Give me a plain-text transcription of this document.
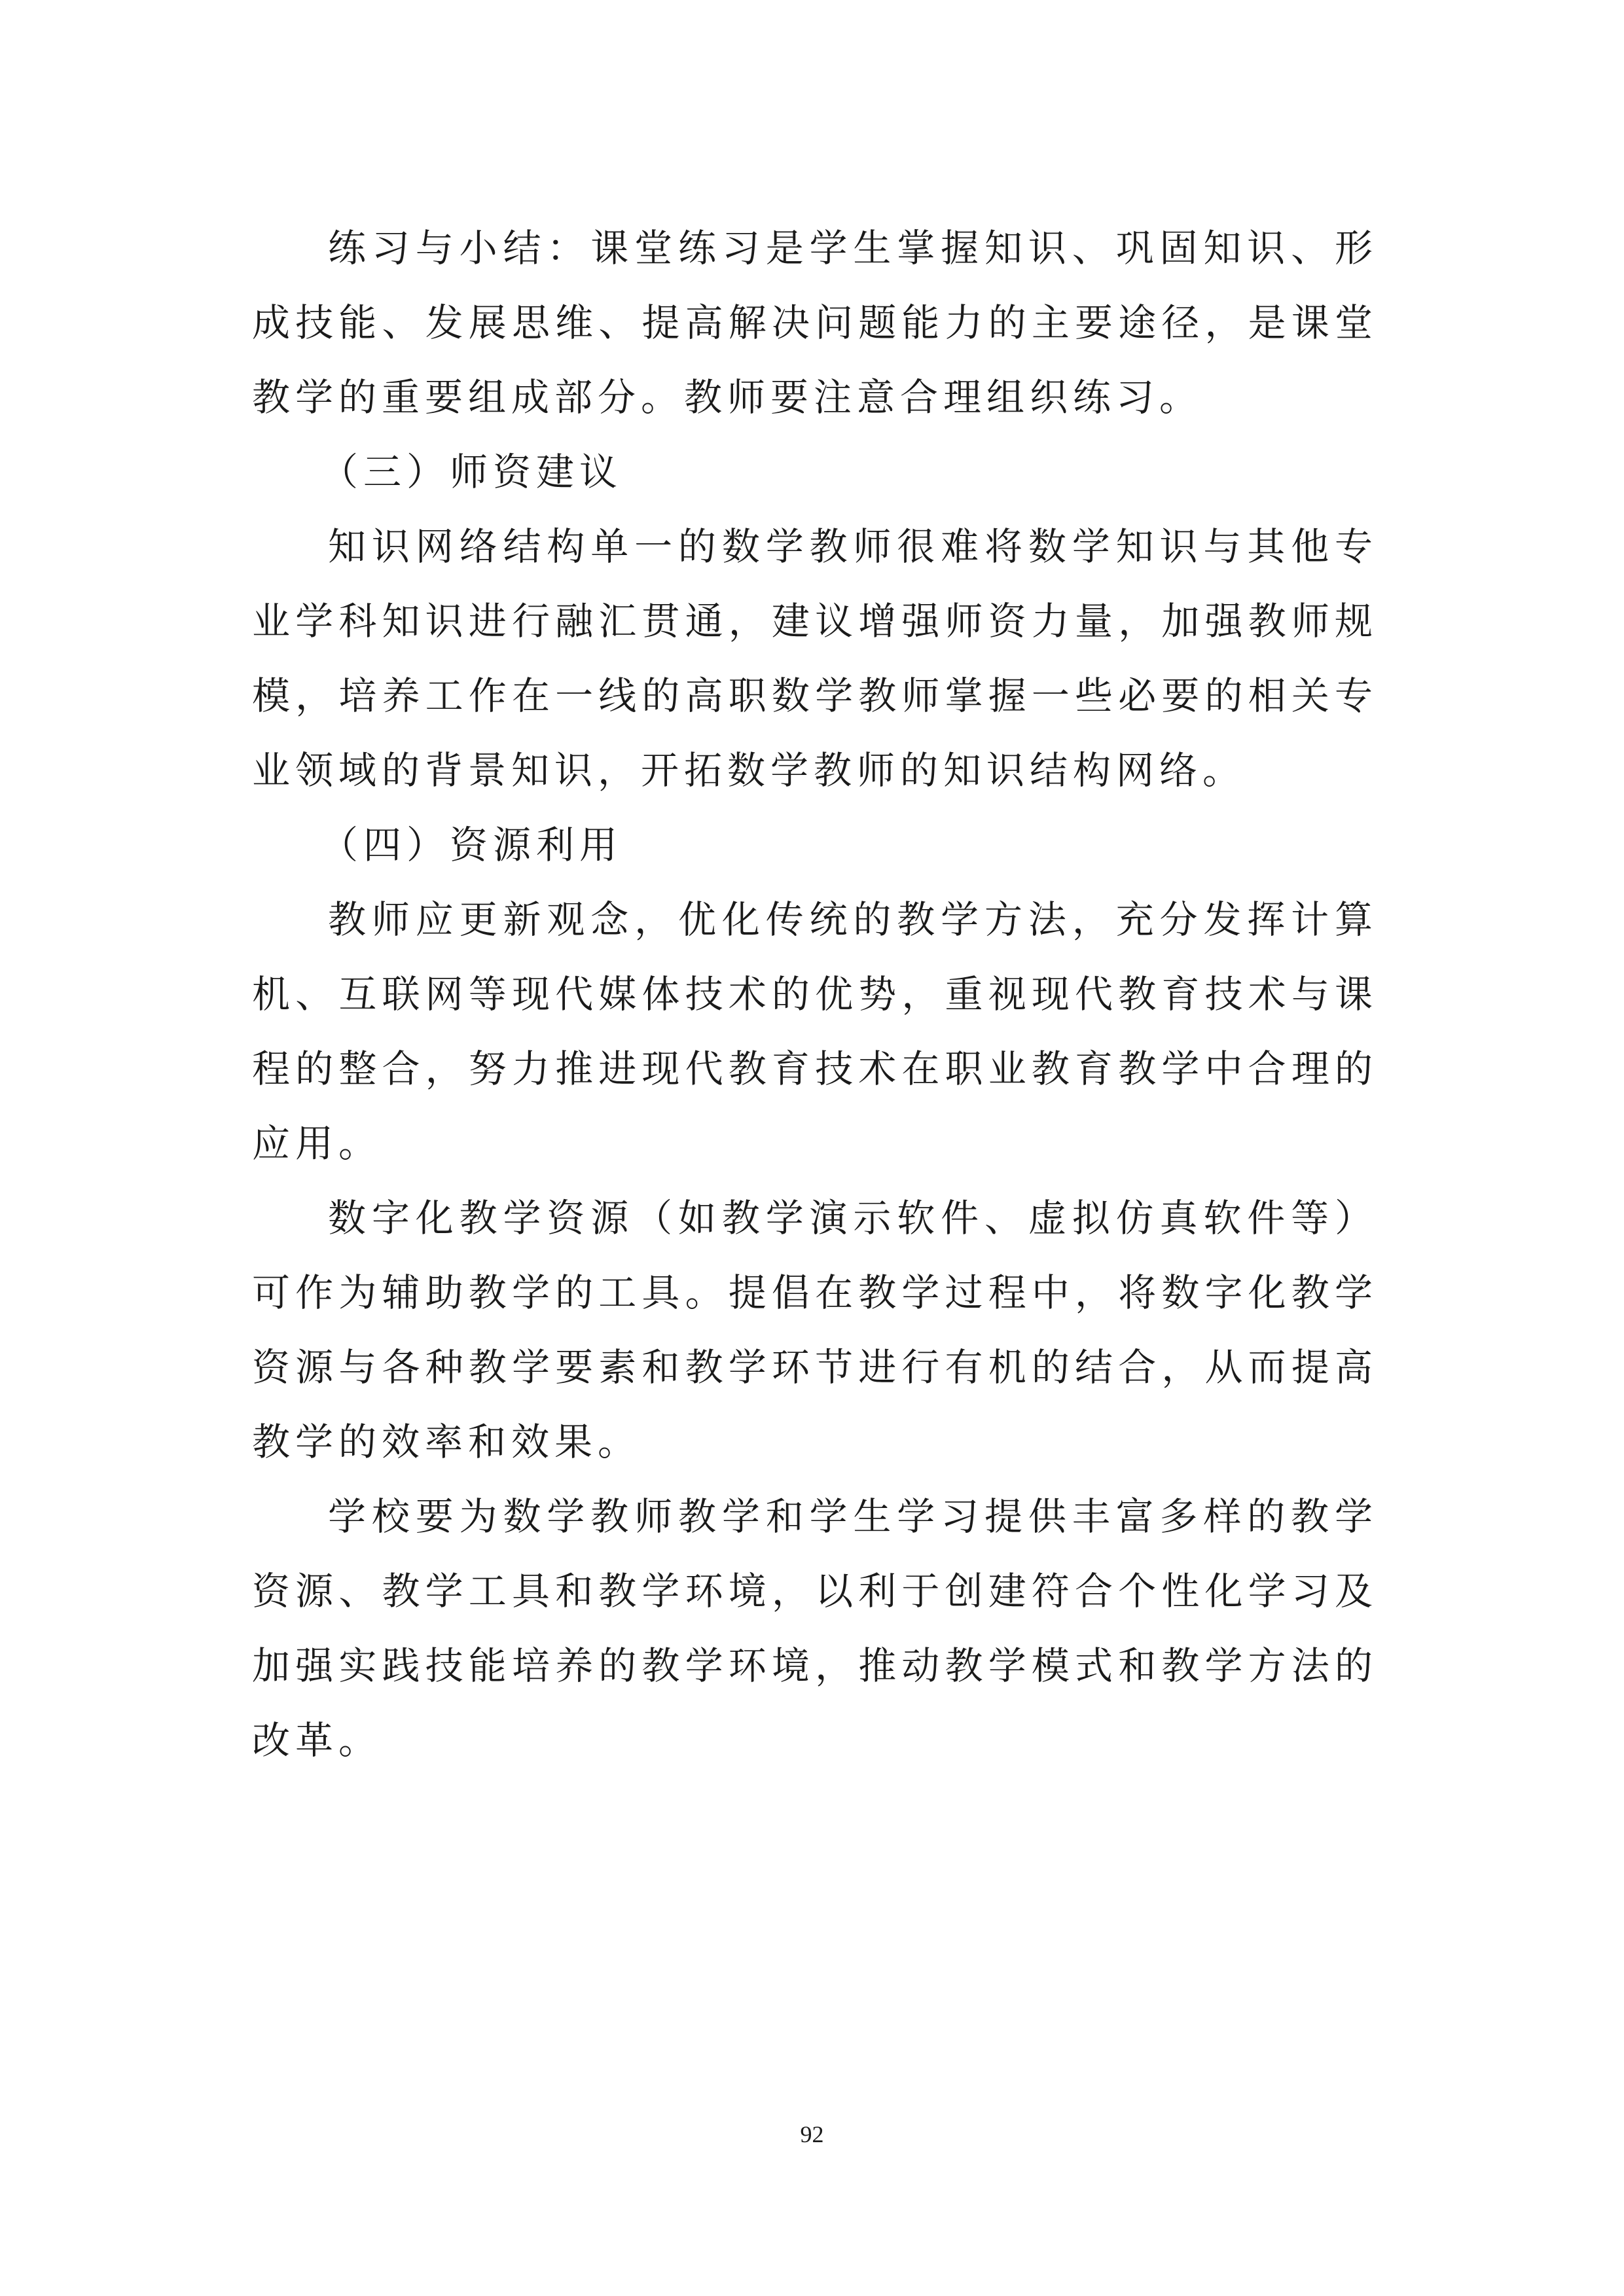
练习与小结：课堂练习是学生掌握知识、巩固知识、形成技能、发展思维、提高解决问题能力的主要途径，是课堂教学的重要组成部分。教师要注意合理组织练习。

（三）师资建议

知识网络结构单一的数学教师很难将数学知识与其他专业学科知识进行融汇贯通，建议增强师资力量，加强教师规模，培养工作在一线的高职数学教师掌握一些必要的相关专业领域的背景知识，开拓数学教师的知识结构网络。

（四）资源利用

教师应更新观念，优化传统的教学方法，充分发挥计算机、互联网等现代媒体技术的优势，重视现代教育技术与课程的整合，努力推进现代教育技术在职业教育教学中合理的应用。

数字化教学资源（如教学演示软件、虚拟仿真软件等）可作为辅助教学的工具。提倡在教学过程中，将数字化教学资源与各种教学要素和教学环节进行有机的结合，从而提高教学的效率和效果。

学校要为数学教师教学和学生学习提供丰富多样的教学资源、教学工具和教学环境，以利于创建符合个性化学习及加强实践技能培养的教学环境，推动教学模式和教学方法的改革。

92
